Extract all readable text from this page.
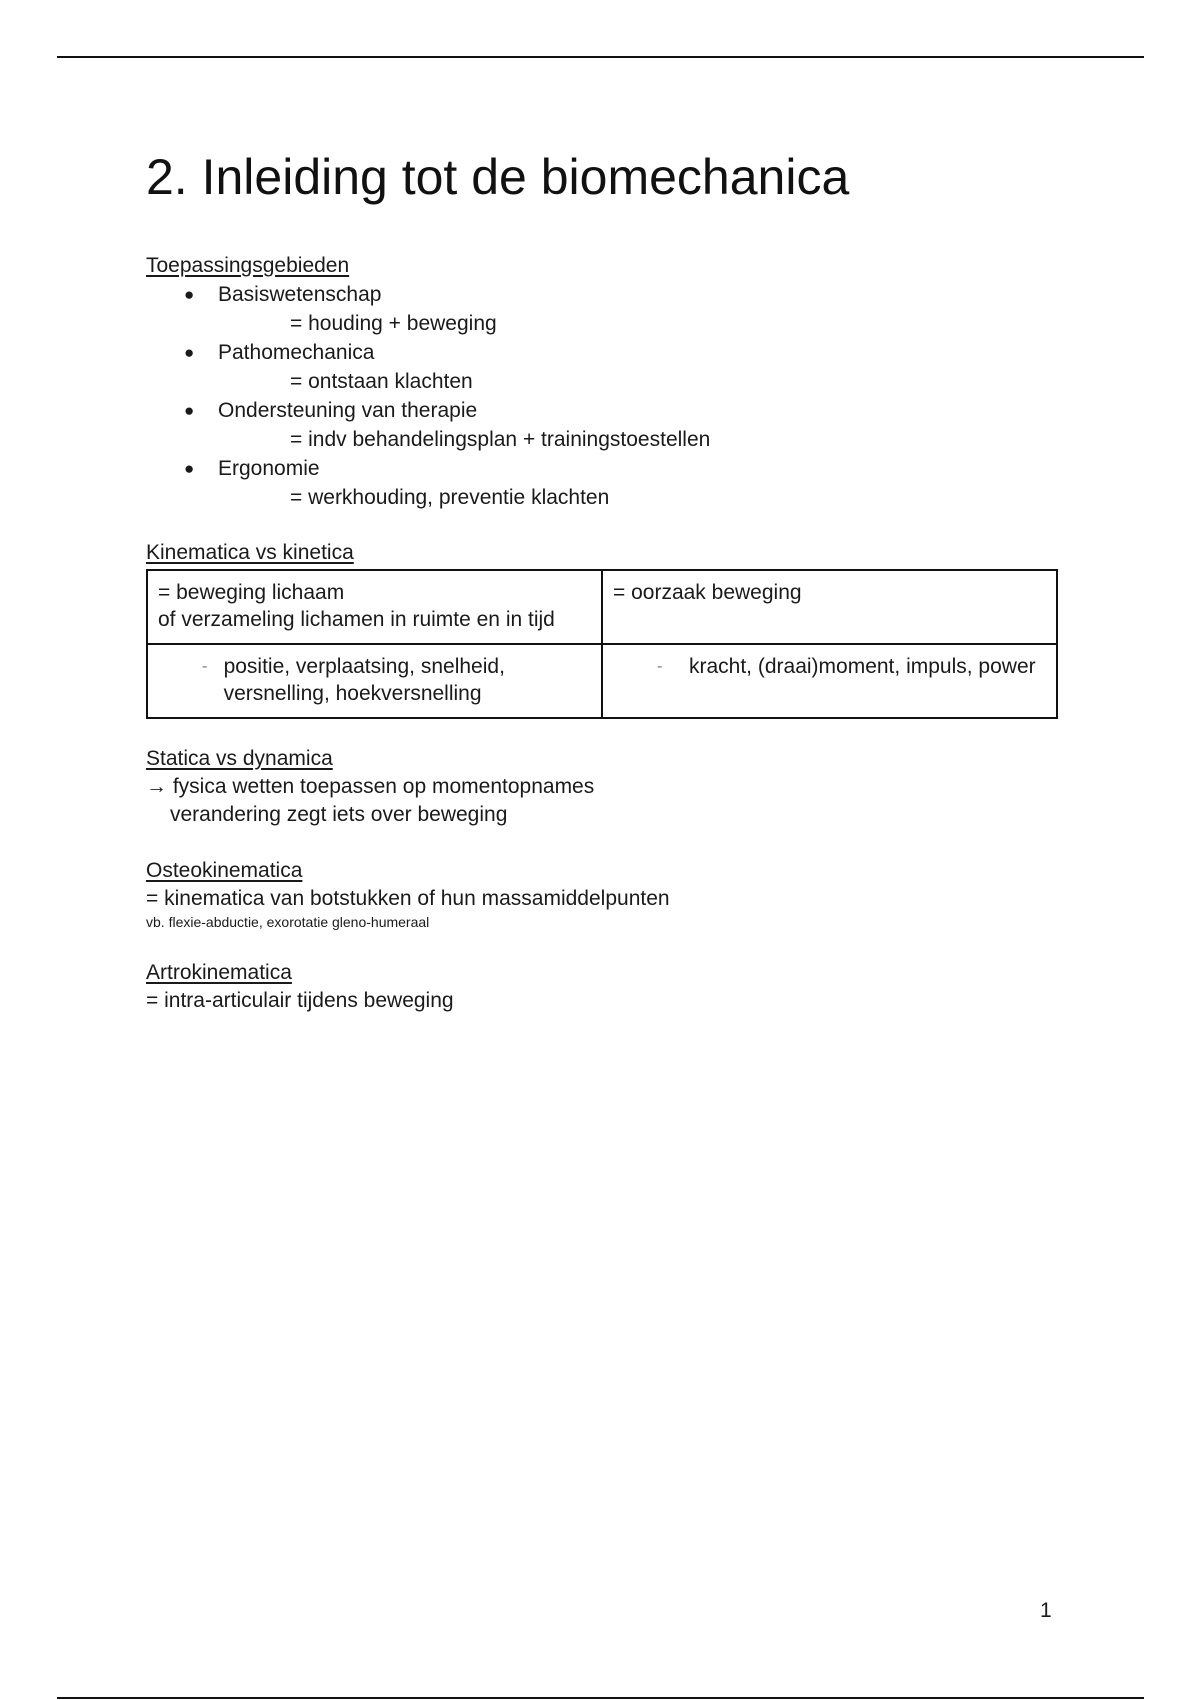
2. Inleiding tot de biomechanica
Toepassingsgebieden
●	Basiswetenschap
= houding + beweging
●	Pathomechanica
= ontstaan klachten
●	Ondersteuning van therapie
= indv behandelingsplan + trainingstoestellen
●	Ergonomie
= werkhouding, preventie klachten
Kinematica vs kinetica
= beweging lichaam
of verzameling lichamen in ruimte en in tijd	= oorzaak beweging

- positie, verplaatsing, snelheid, versnelling, hoekversnelling	- kracht, (draai)moment, impuls, power
Statica vs dynamica
→ fysica wetten toepassen op momentopnames
verandering zegt iets over beweging
Osteokinematica
= kinematica van botstukken of hun massamiddelpunten
vb. flexie-abductie, exorotatie gleno-humeraal
Artrokinematica
= intra-articulair tijdens beweging
1
